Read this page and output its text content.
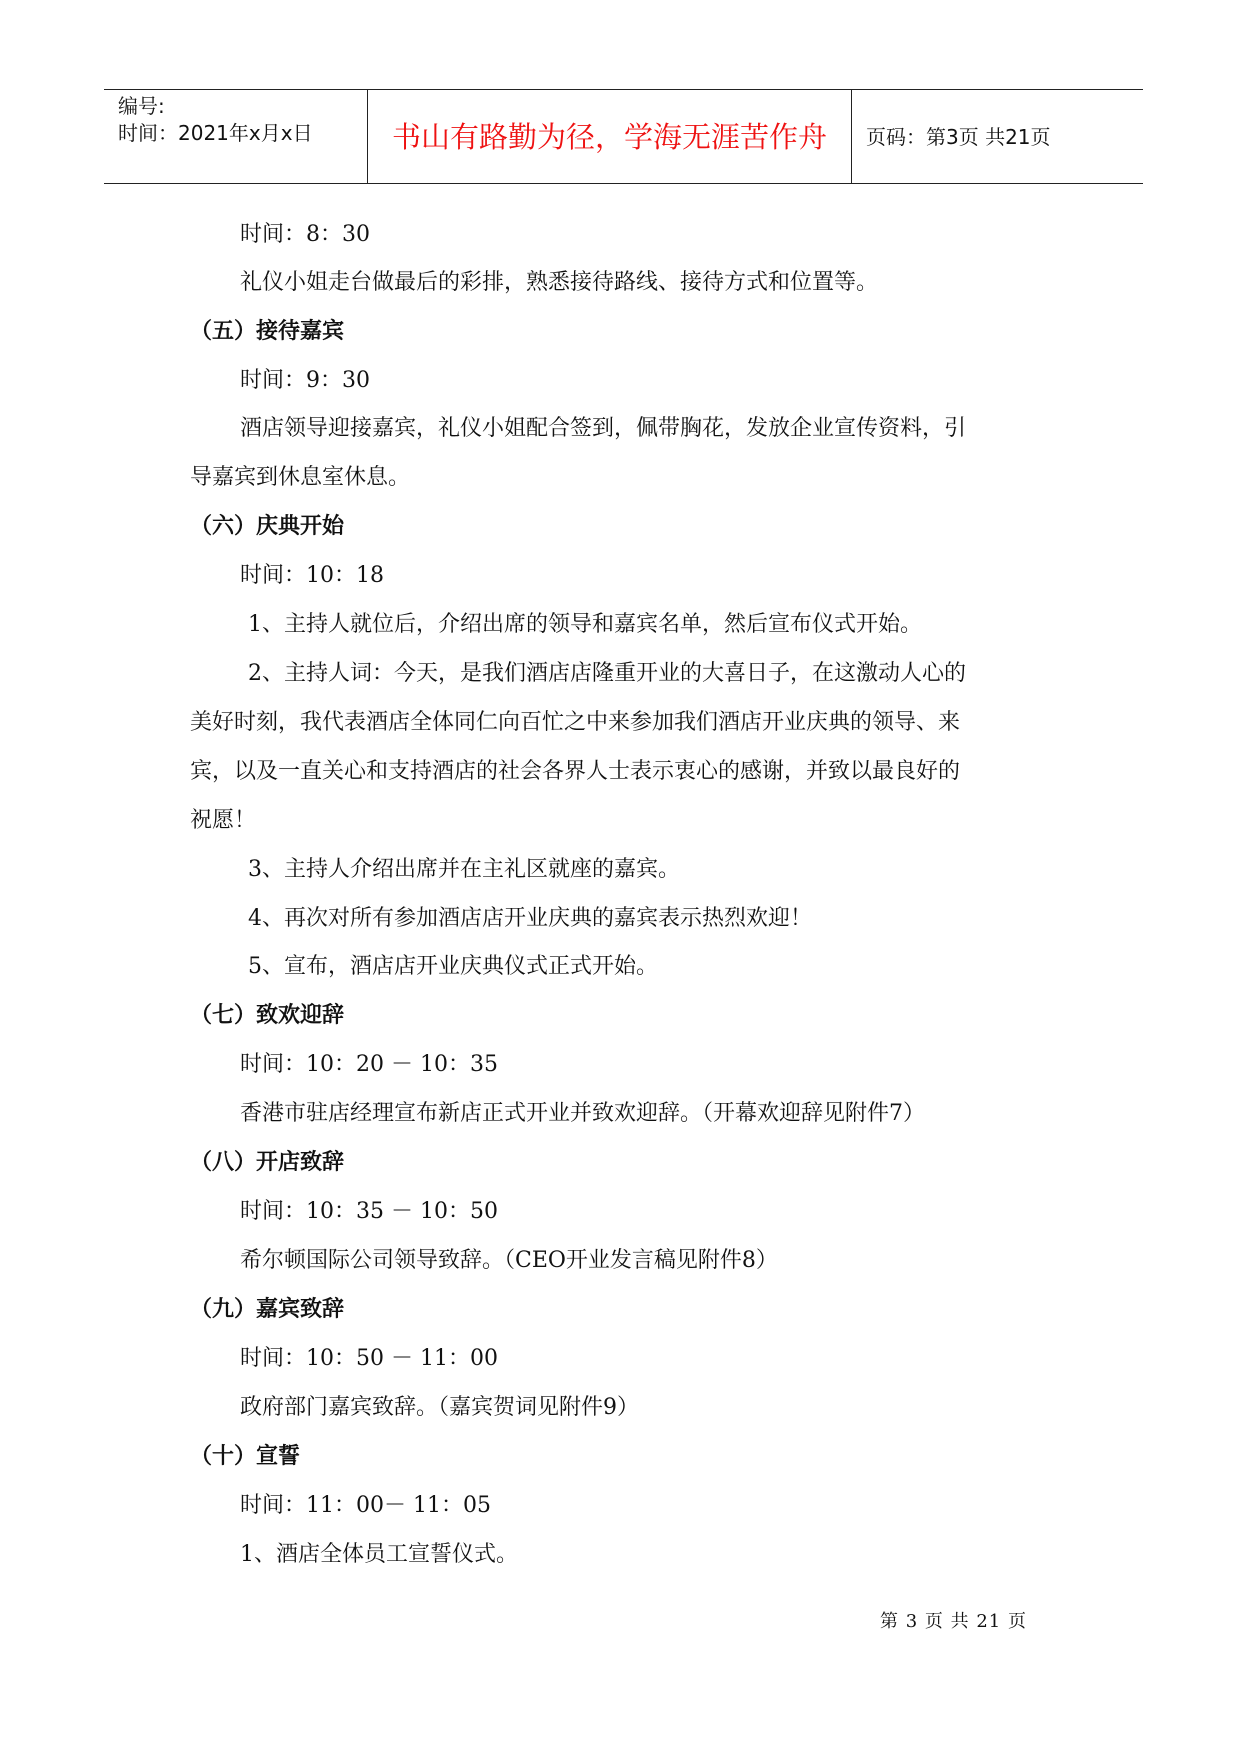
编号:
时间：2021年x月x日	书山有路勤为径，学海无涯苦作舟	页码：第3页 共21页
时间：8：30
礼仪小姐走台做最后的彩排，熟悉接待路线、接待方式和位置等。
（五）接待嘉宾
时间：9：30
酒店领导迎接嘉宾，礼仪小姐配合签到，佩带胸花，发放企业宣传资料，引
导嘉宾到休息室休息。
（六）庆典开始
时间：10：18
1、主持人就位后，介绍出席的领导和嘉宾名单，然后宣布仪式开始。
2、主持人词：今天，是我们酒店店隆重开业的大喜日子，在这激动人心的
美好时刻，我代表酒店全体同仁向百忙之中来参加我们酒店开业庆典的领导、来
宾，以及一直关心和支持酒店的社会各界人士表示衷心的感谢，并致以最良好的
祝愿！
3、主持人介绍出席并在主礼区就座的嘉宾。
4、再次对所有参加酒店店开业庆典的嘉宾表示热烈欢迎！
5、宣布，酒店店开业庆典仪式正式开始。
（七）致欢迎辞
时间：10：20 － 10：35
香港市驻店经理宣布新店正式开业并致欢迎辞。（开幕欢迎辞见附件7）
（八）开店致辞
时间：10：35 － 10：50
希尔顿国际公司领导致辞。（CEO开业发言稿见附件8）
（九）嘉宾致辞
时间：10：50 － 11：00
政府部门嘉宾致辞。（嘉宾贺词见附件9）
（十）宣誓
时间：11：00－ 11：05
1、酒店全体员工宣誓仪式。
第 3 页 共 21 页
